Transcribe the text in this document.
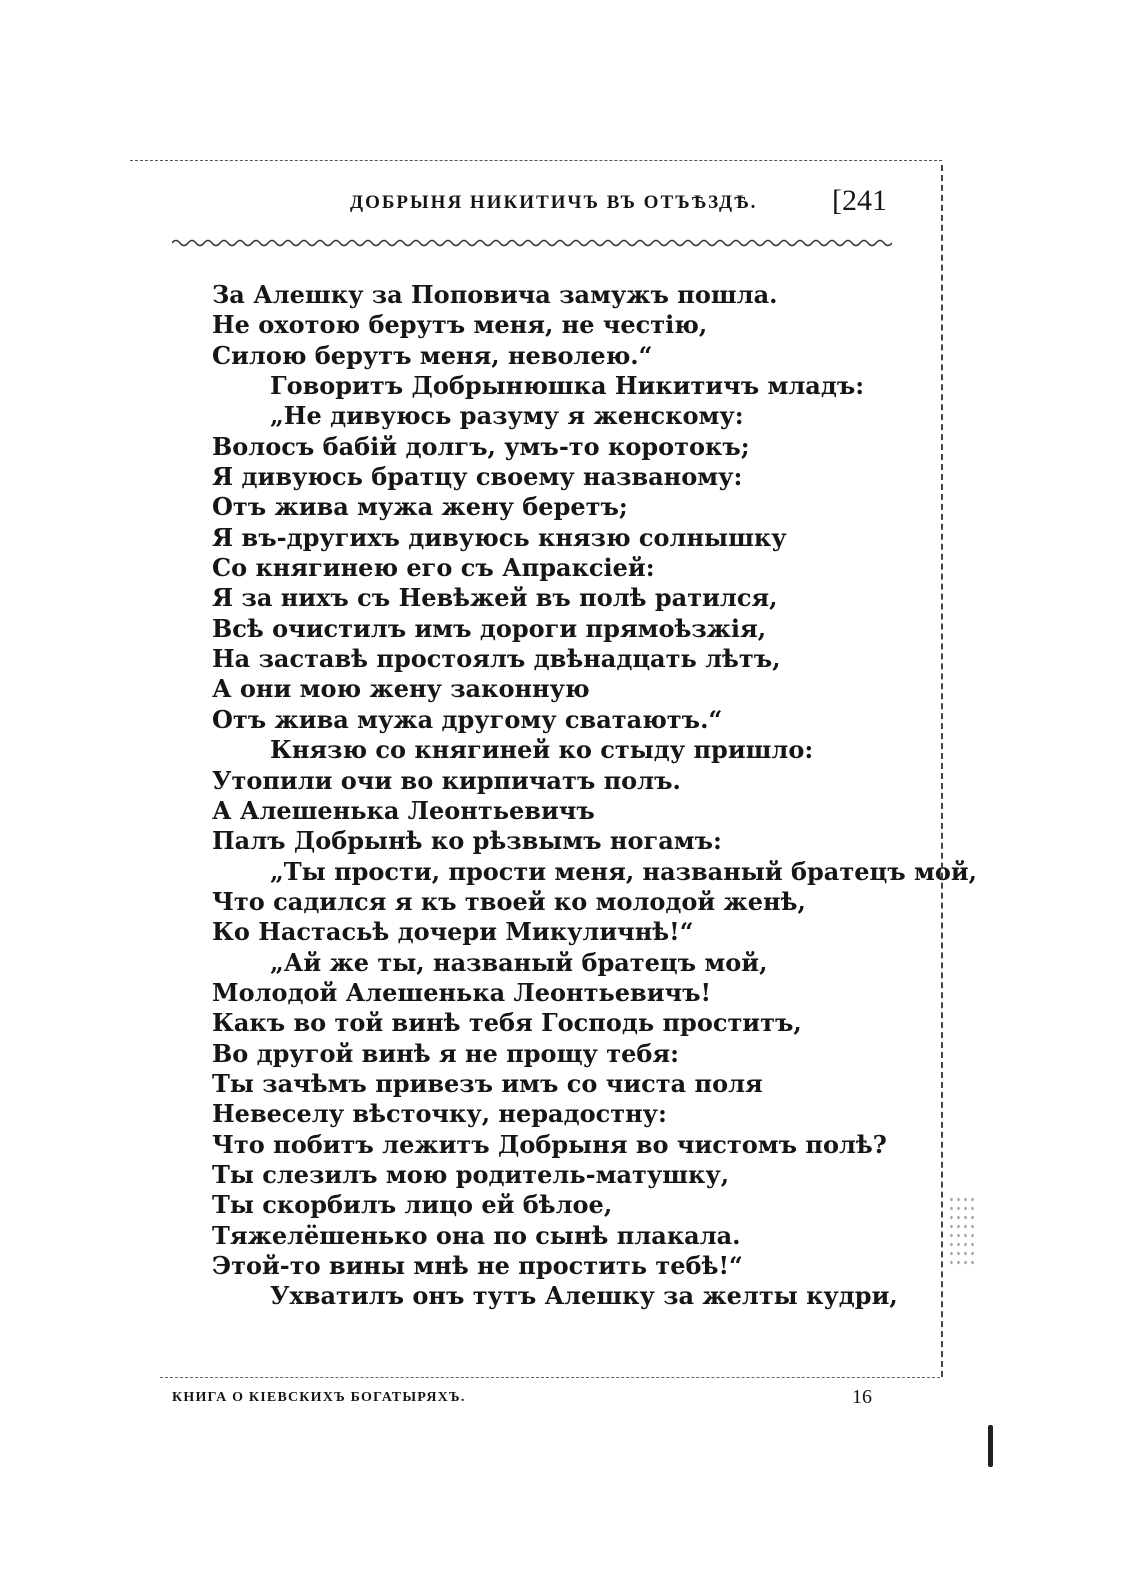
ДОБРЫНЯ НИКИТИЧЪ ВЪ ОТЪѢЗДѢ. [241
За Алешку за Поповича замужъ пошла.
Не охотою берутъ меня, не честію,
Силою берутъ меня, неволею.“
Говоритъ Добрынюшка Никитичъ младъ:
„Не дивуюсь разуму я женскому:
Волосъ бабій долгъ, умъ-то коротокъ;
Я дивуюсь братцу своему названому:
Отъ жива мужа жену беретъ;
Я въ-другихъ дивуюсь князю солнышку
Со княгинею его съ Апраксіей:
Я за нихъ съ Невѣжей въ полѣ ратился,
Всѣ очистилъ имъ дороги прямоѣзжія,
На заставѣ простоялъ двѣнадцать лѣтъ,
А они мою жену законную
Отъ жива мужа другому сватаютъ.“
Князю со княгиней ко стыду пришло:
Утопили очи во кирпичатъ полъ.
А Алешенька Леонтьевичъ
Палъ Добрынѣ ко рѣзвымъ ногамъ:
„Ты прости, прости меня, названый братецъ мой,
Что садился я къ твоей ко молодой женѣ,
Ко Настасьѣ дочери Микуличнѣ!“
„Ай же ты, названый братецъ мой,
Молодой Алешенька Леонтьевичъ!
Какъ во той винѣ тебя Господь проститъ,
Во другой винѣ я не прощу тебя:
Ты зачѣмъ привезъ имъ со чиста поля
Невеселу вѣсточку, нерадостну:
Что побитъ лежитъ Добрыня во чистомъ полѣ?
Ты слезилъ мою родитель-матушку,
Ты скорбилъ лицо ей бѣлое,
Тяжелёшенько она по сынѣ плакала.
Этой-то вины мнѣ не простить тебѣ!“
Ухватилъ онъ тутъ Алешку за желты кудри,
КНИГА О КІЕВСКИХЪ БОГАТЫРЯХЪ.	16
